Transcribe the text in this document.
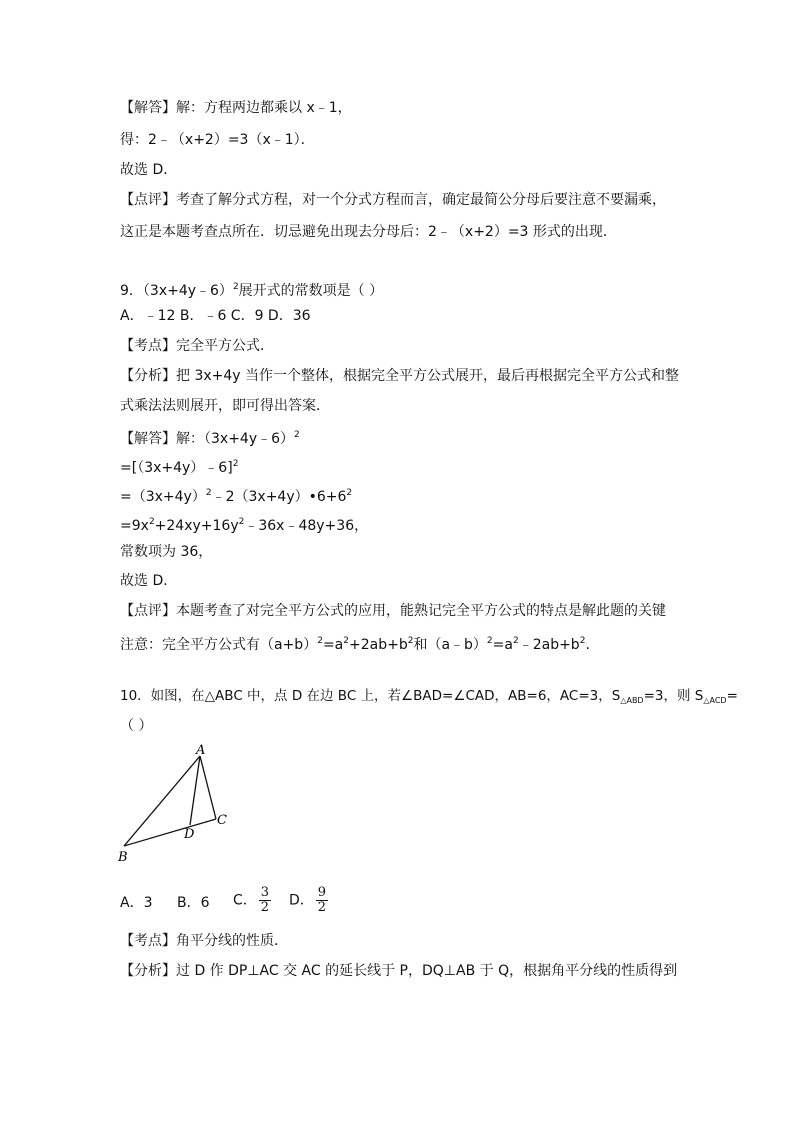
【解答】解：方程两边都乘以 x﹣1，
得：2﹣（x+2）=3（x﹣1）．
故选 D．
【点评】考查了解分式方程，对一个分式方程而言，确定最简公分母后要注意不要漏乘，
这正是本题考查点所在．切忌避免出现去分母后：2﹣（x+2）=3 形式的出现．
9．（3x+4y﹣6）$^2$展开式的常数项是（ ）
A．﹣12 B．﹣6 C．9 D．36
【考点】完全平方公式．
【分析】把 3x+4y 当作一个整体，根据完全平方公式展开，最后再根据完全平方公式和整
式乘法法则展开，即可得出答案．
【解答】解：（3x+4y﹣6）$^2$
=[（3x+4y）﹣6]$^2$
$=(3x+4y)^2﹣2(3x+4y)•6+6^2$
$=9x^2+24xy+16y^2﹣36x﹣48y+36$，
常数项为 36，
故选 D．
【点评】本题考查了对完全平方公式的应用，能熟记完全平方公式的特点是解此题的关键
注意：完全平方公式有$(a+b)^2=a^2+2ab+b^2$和$(a﹣b)^2=a^2﹣2ab+b^2$.
10．如图，在△ABC 中，点 D 在边 BC 上，若∠BAD=∠CAD，AB=6，AC=3，$S_{\triangle ABD}=3$，则 $S_{\triangle ACD}=$
（ ）
A
B
C
D
A．3 B．6 C． $\frac{3}{2}$ D． $\frac{9}{2}$
【考点】角平分线的性质．
【分析】过 D 作 DP⊥AC 交 AC 的延长线于 P，DQ⊥AB 于 Q，根据角平分线的性质得到
